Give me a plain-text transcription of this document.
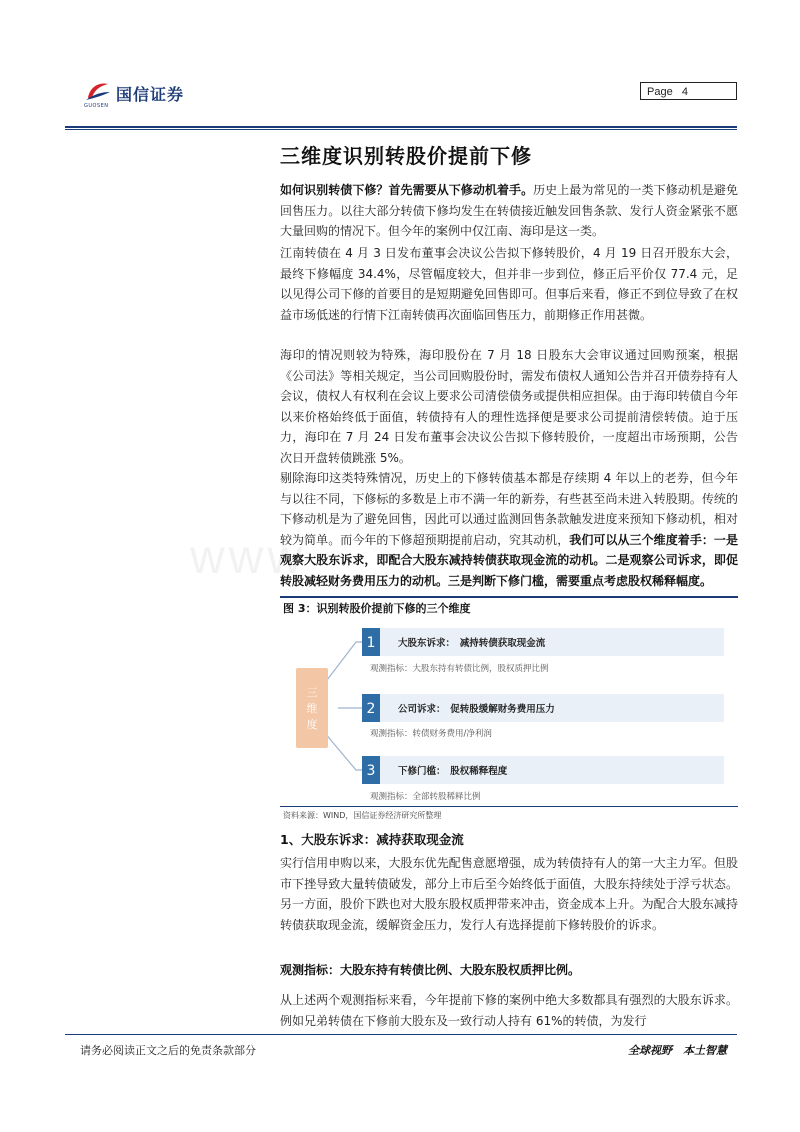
国信证券
GUOSEN
Page 4
www
三维度识别转股价提前下修

如何识别转债下修？首先需要从下修动机着手。历史上最为常见的一类下修动机是避免回售压力。以往大部分转债下修均发生在转债接近触发回售条款、发行人资金紧张不愿大量回购的情况下。但今年的案例中仅江南、海印是这一类。

江南转债在 4 月 3 日发布董事会决议公告拟下修转股价，4 月 19 日召开股东大会，最终下修幅度 34.4%，尽管幅度较大，但并非一步到位，修正后平价仅 77.4 元，足以见得公司下修的首要目的是短期避免回售即可。但事后来看，修正不到位导致了在权益市场低迷的行情下江南转债再次面临回售压力，前期修正作用甚微。

海印的情况则较为特殊，海印股份在 7 月 18 日股东大会审议通过回购预案，根据《公司法》等相关规定，当公司回购股份时，需发布债权人通知公告并召开债券持有人会议，债权人有权利在会议上要求公司清偿债务或提供相应担保。由于海印转债自今年以来价格始终低于面值，转债持有人的理性选择便是要求公司提前清偿转债。迫于压力，海印在 7 月 24 日发布董事会决议公告拟下修转股价，一度超出市场预期，公告次日开盘转债跳涨 5%。

剔除海印这类特殊情况，历史上的下修转债基本都是存续期 4 年以上的老券，但今年与以往不同，下修标的多数是上市不满一年的新券，有些甚至尚未进入转股期。传统的下修动机是为了避免回售，因此可以通过监测回售条款触发进度来预知下修动机，相对较为简单。而今年的下修超预期提前启动，究其动机，我们可以从三个维度着手：一是观察大股东诉求，即配合大股东减持转债获取现金流的动机。二是观察公司诉求，即促转股减轻财务费用压力的动机。三是判断下修门槛，需要重点考虑股权稀释幅度。

图 3：识别转股价提前下修的三个维度
三
维
度
1 大股东诉求：　减持转债获取现金流
观测指标：大股东持有转债比例，股权质押比例
2 公司诉求：　促转股缓解财务费用压力
观测指标：转债财务费用/净利润
3 下修门槛：　股权稀释程度
观测指标：全部转股稀释比例
资料来源：WIND，国信证券经济研究所整理
1、大股东诉求：减持获取现金流

实行信用申购以来，大股东优先配售意愿增强，成为转债持有人的第一大主力军。但股市下挫导致大量转债破发，部分上市后至今始终低于面值，大股东持续处于浮亏状态。另一方面，股价下跌也对大股东股权质押带来冲击，资金成本上升。为配合大股东减持转债获取现金流，缓解资金压力，发行人有选择提前下修转股价的诉求。

观测指标：大股东持有转债比例、大股东股权质押比例。

从上述两个观测指标来看，今年提前下修的案例中绝大多数都具有强烈的大股东诉求。例如兄弟转债在下修前大股东及一致行动人持有 61%的转债，为发行

请务必阅读正文之后的免责条款部分	全球视野　本土智慧
